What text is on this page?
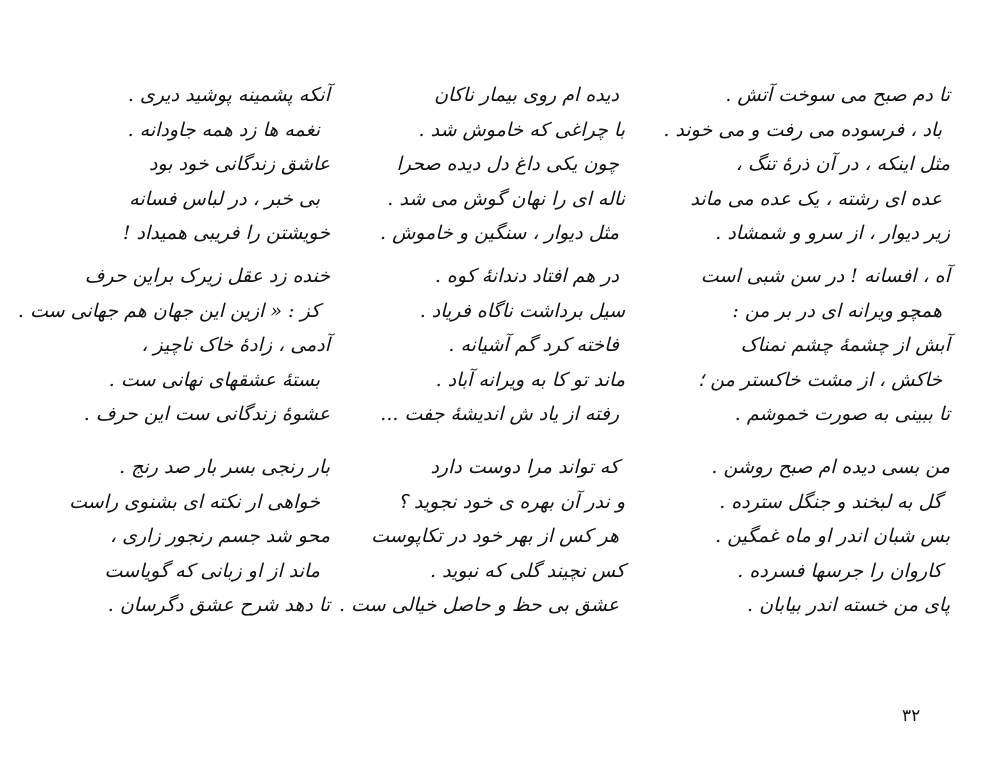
تا دم صبح می سوخت آتش .
باد ، فرسوده می رفت و می خوند .
مثل اینکه ، در آن ذرهٔ تنگ ،
عده ای رشته ، یک عده می ماند
زیر دیوار ، از سرو و شمشاد .
آه ، افسانه ! در سن شبی است
همچو ویرانه ای در بر من :
آبش از چشمهٔ چشم نمناک
خاکش ، از مشت خاکستر من ؛
تا ببینی به صورت خموشم .
من بسی دیده ام صبح روشن .
گل به لبخند و جنگل سترده .
بس شبان اندر او ماه غمگین .
کاروان را جرسها فسرده .
پای من خسته اندر بیابان .
دیده ام روی بیمار ناکان
با چراغی که خاموش شد .
چون یکی داغ دل دیده صحرا
ناله ای را نهان گوش می شد .
مثل دیوار ، سنگین و خاموش .
در هم افتاد دندانهٔ کوه .
سیل برداشت ناگاه فریاد .
فاخته کرد گم آشیانه .
ماند تو کا به ویرانه آباد .
رفته از یاد ش اندیشهٔ جفت ...
که تواند مرا دوست دارد
و ندر آن بهره ی خود نجوید ؟
هر کس از بهر خود در تکاپوست
کس نچیند گلی که نبوید .
عشق بی حظ و حاصل خیالی ست .
آنکه پشمینه پوشید دیری .
نغمه ها زد همه جاودانه .
عاشق زندگانی خود بود
بی خبر ، در لباس فسانه
خویشتن را فریبی همیداد !
خنده زد عقل زیرک براین حرف
کز : « ازین این جهان هم جهانی ست .
آدمی ، زادهٔ خاک ناچیز ،
بستهٔ عشقهای نهانی ست .
عشوهٔ زندگانی ست این حرف .
بار رنجی بسر بار صد رنج .
خواهی ار نکته ای بشنوی راست
محو شد جسم رنجور زاری ،
ماند از او زبانی که گویاست
تا دهد شرح عشق دگرسان .
۳۲
